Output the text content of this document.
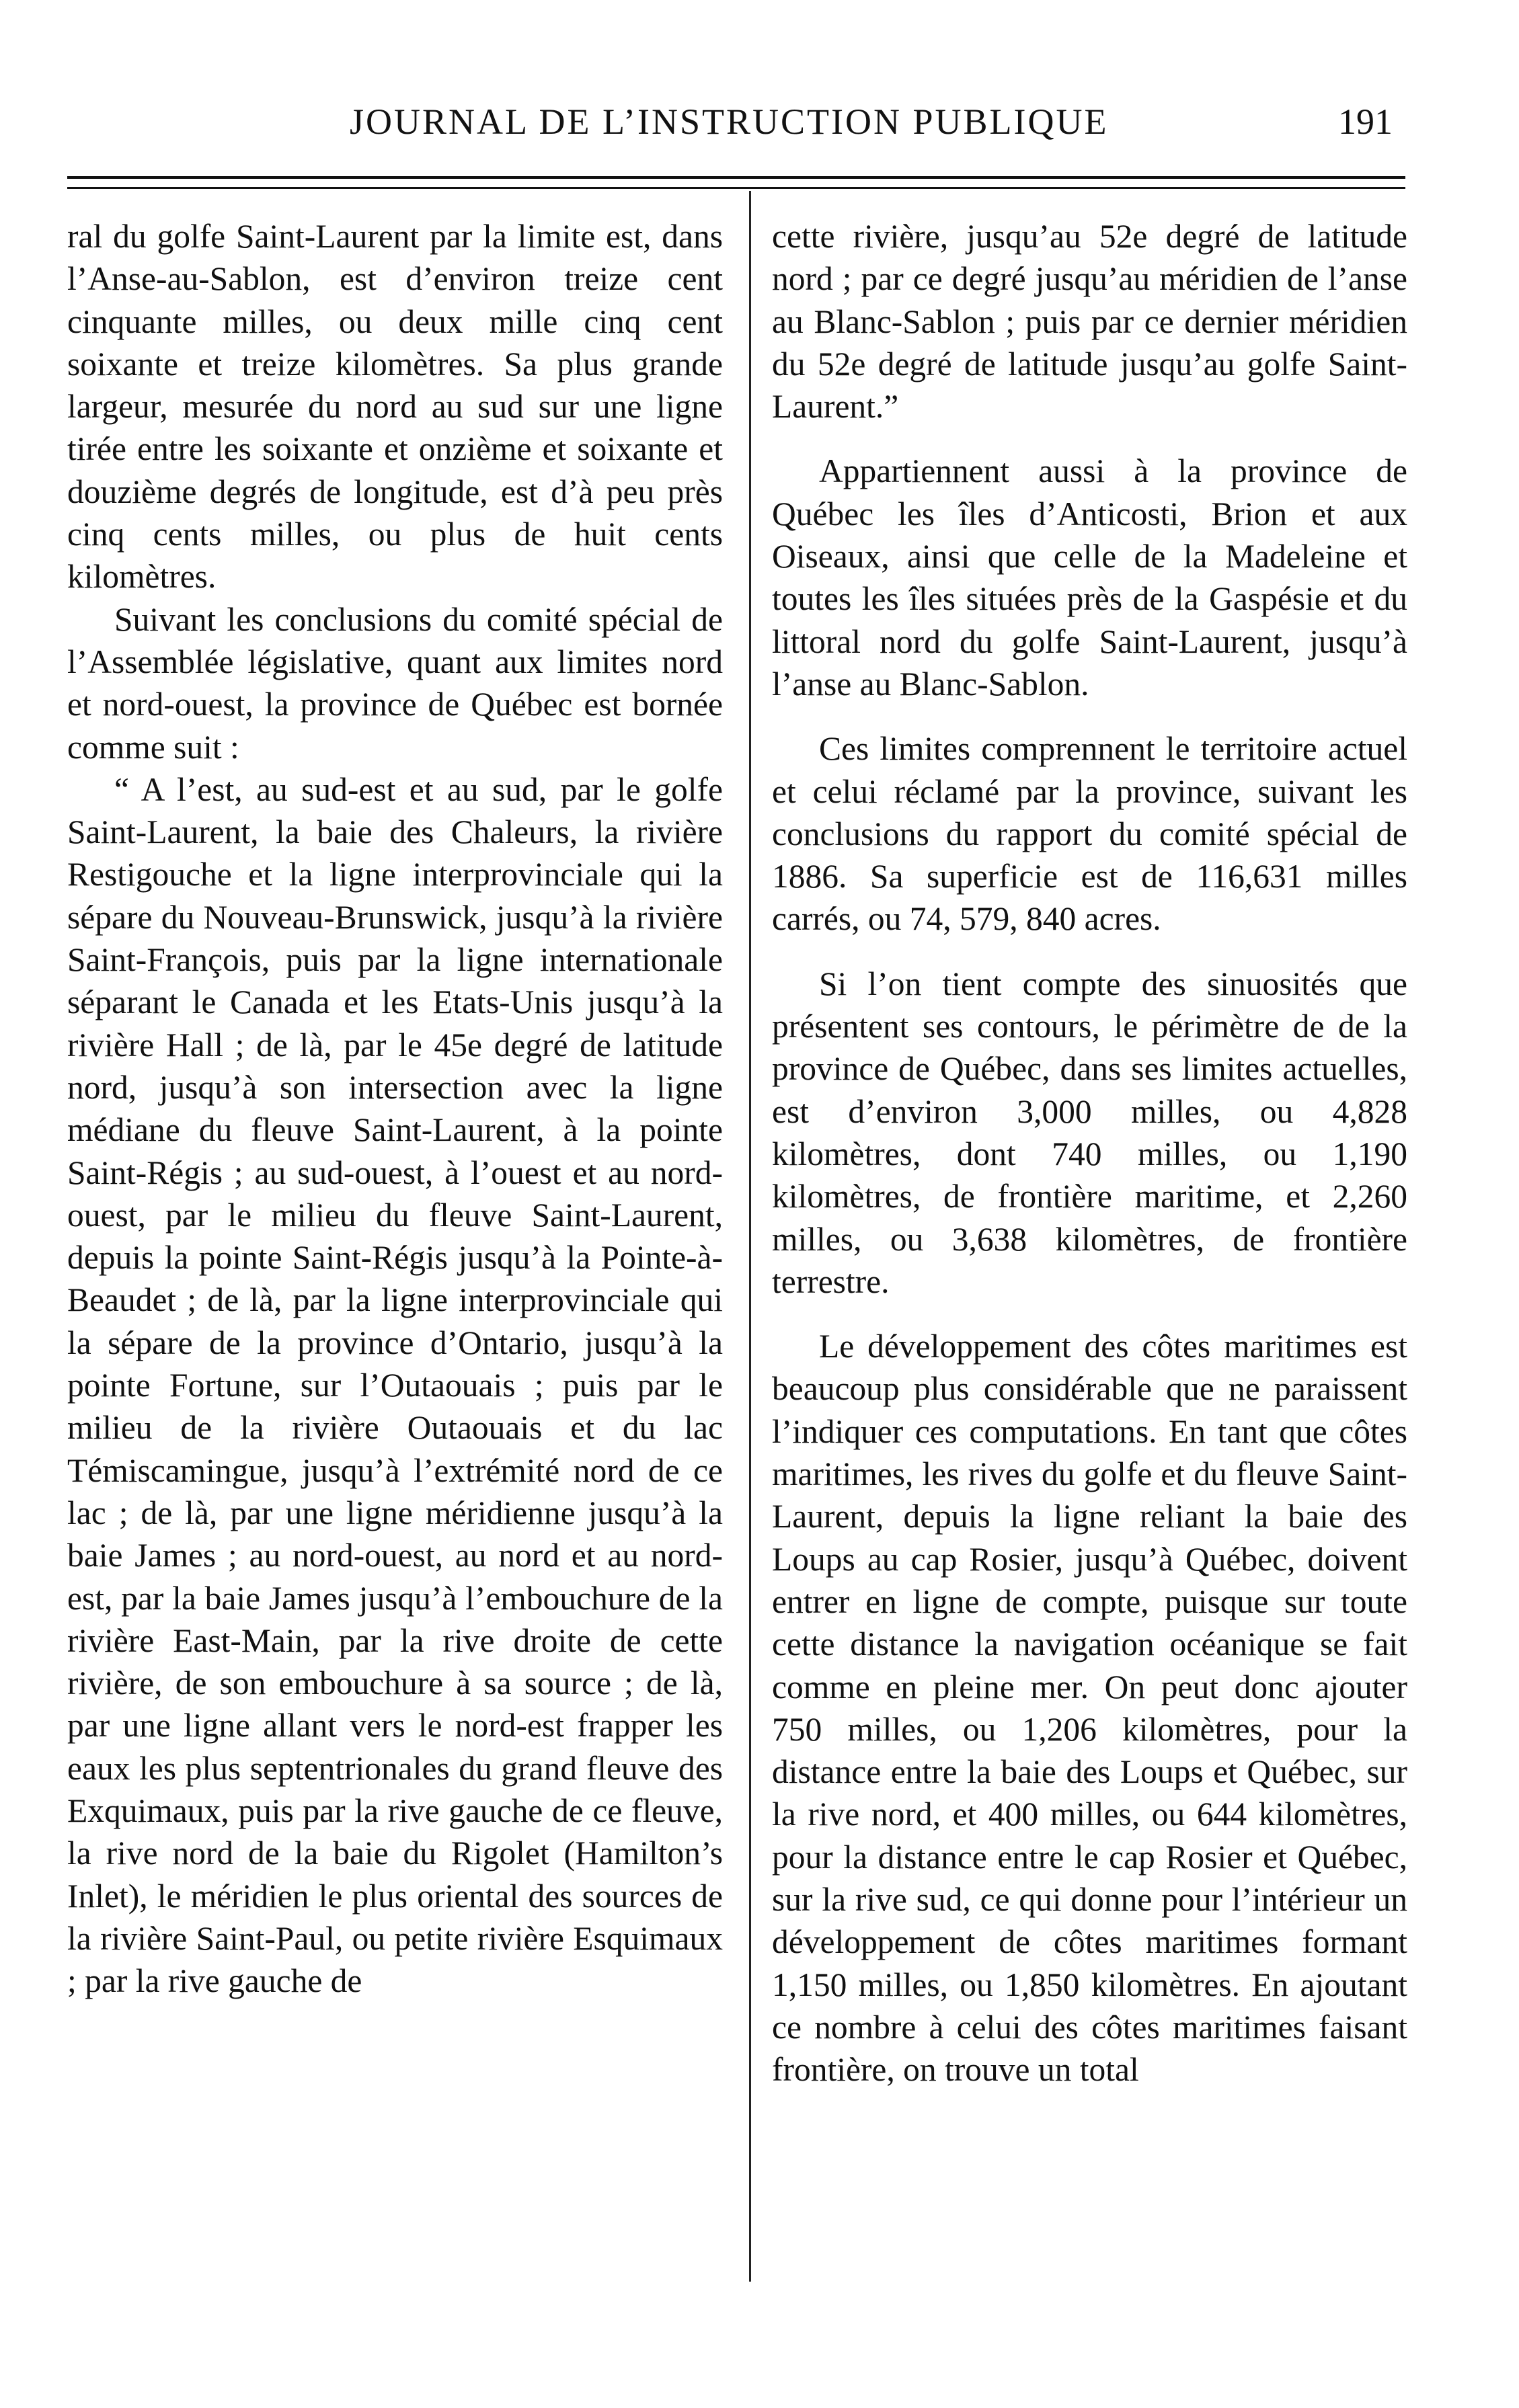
JOURNAL DE L’INSTRUCTION PUBLIQUE	191

ral du golfe Saint-Laurent par la limite est, dans l’Anse-au-Sablon, est d’environ treize cent cinquante milles, ou deux mille cinq cent soixante et treize kilomètres. Sa plus grande largeur, mesurée du nord au sud sur une ligne tirée entre les soixante et onzième et soixante et douzième degrés de longitude, est d’à peu près cinq cents milles, ou plus de huit cents kilomètres.

Suivant les conclusions du comité spécial de l’Assemblée législative, quant aux limites nord et nord-ouest, la province de Québec est bornée comme suit :

“ A l’est, au sud-est et au sud, par le golfe Saint-Laurent, la baie des Chaleurs, la rivière Restigouche et la ligne interprovinciale qui la sépare du Nouveau-Brunswick, jusqu’à la rivière Saint-François, puis par la ligne internationale séparant le Canada et les Etats-Unis jusqu’à la rivière Hall ; de là, par le 45e degré de latitude nord, jusqu’à son intersection avec la ligne médiane du fleuve Saint-Laurent, à la pointe Saint-Régis ; au sud-ouest, à l’ouest et au nord-ouest, par le milieu du fleuve Saint-Laurent, depuis la pointe Saint-Régis jusqu’à la Pointe-à-Beaudet ; de là, par la ligne interprovinciale qui la sépare de la province d’Ontario, jusqu’à la pointe Fortune, sur l’Outaouais ; puis par le milieu de la rivière Outaouais et du lac Témiscamingue, jusqu’à l’extrémité nord de ce lac ; de là, par une ligne méridienne jusqu’à la baie James ; au nord-ouest, au nord et au nord-est, par la baie James jusqu’à l’embouchure de la rivière East-Main, par la rive droite de cette rivière, de son embouchure à sa source ; de là, par une ligne allant vers le nord-est frapper les eaux les plus septentrionales du grand fleuve des Exquimaux, puis par la rive gauche de ce fleuve, la rive nord de la baie du Rigolet (Hamilton’s Inlet), le méridien le plus oriental des sources de la rivière Saint-Paul, ou petite rivière Esquimaux ; par la rive gauche de

cette rivière, jusqu’au 52e degré de latitude nord ; par ce degré jusqu’au méridien de l’anse au Blanc-Sablon ; puis par ce dernier méridien du 52e degré de latitude jusqu’au golfe Saint-Laurent.”

Appartiennent aussi à la province de Québec les îles d’Anticosti, Brion et aux Oiseaux, ainsi que celle de la Madeleine et toutes les îles situées près de la Gaspésie et du littoral nord du golfe Saint-Laurent, jusqu’à l’anse au Blanc-Sablon.

Ces limites comprennent le territoire actuel et celui réclamé par la province, suivant les conclusions du rapport du comité spécial de 1886. Sa superficie est de 116,631 milles carrés, ou 74, 579, 840 acres.

Si l’on tient compte des sinuosités que présentent ses contours, le périmètre de de la province de Québec, dans ses limites actuelles, est d’environ 3,000 milles, ou 4,828 kilomètres, dont 740 milles, ou 1,190 kilomètres, de frontière maritime, et 2,260 milles, ou 3,638 kilomètres, de frontière terrestre.

Le développement des côtes maritimes est beaucoup plus considérable que ne paraissent l’indiquer ces computations. En tant que côtes maritimes, les rives du golfe et du fleuve Saint-Laurent, depuis la ligne reliant la baie des Loups au cap Rosier, jusqu’à Québec, doivent entrer en ligne de compte, puisque sur toute cette distance la navigation océanique se fait comme en pleine mer. On peut donc ajouter 750 milles, ou 1,206 kilomètres, pour la distance entre la baie des Loups et Québec, sur la rive nord, et 400 milles, ou 644 kilomètres, pour la distance entre le cap Rosier et Québec, sur la rive sud, ce qui donne pour l’intérieur un développement de côtes maritimes formant 1,150 milles, ou 1,850 kilomètres. En ajoutant ce nombre à celui des côtes maritimes faisant frontière, on trouve un total
